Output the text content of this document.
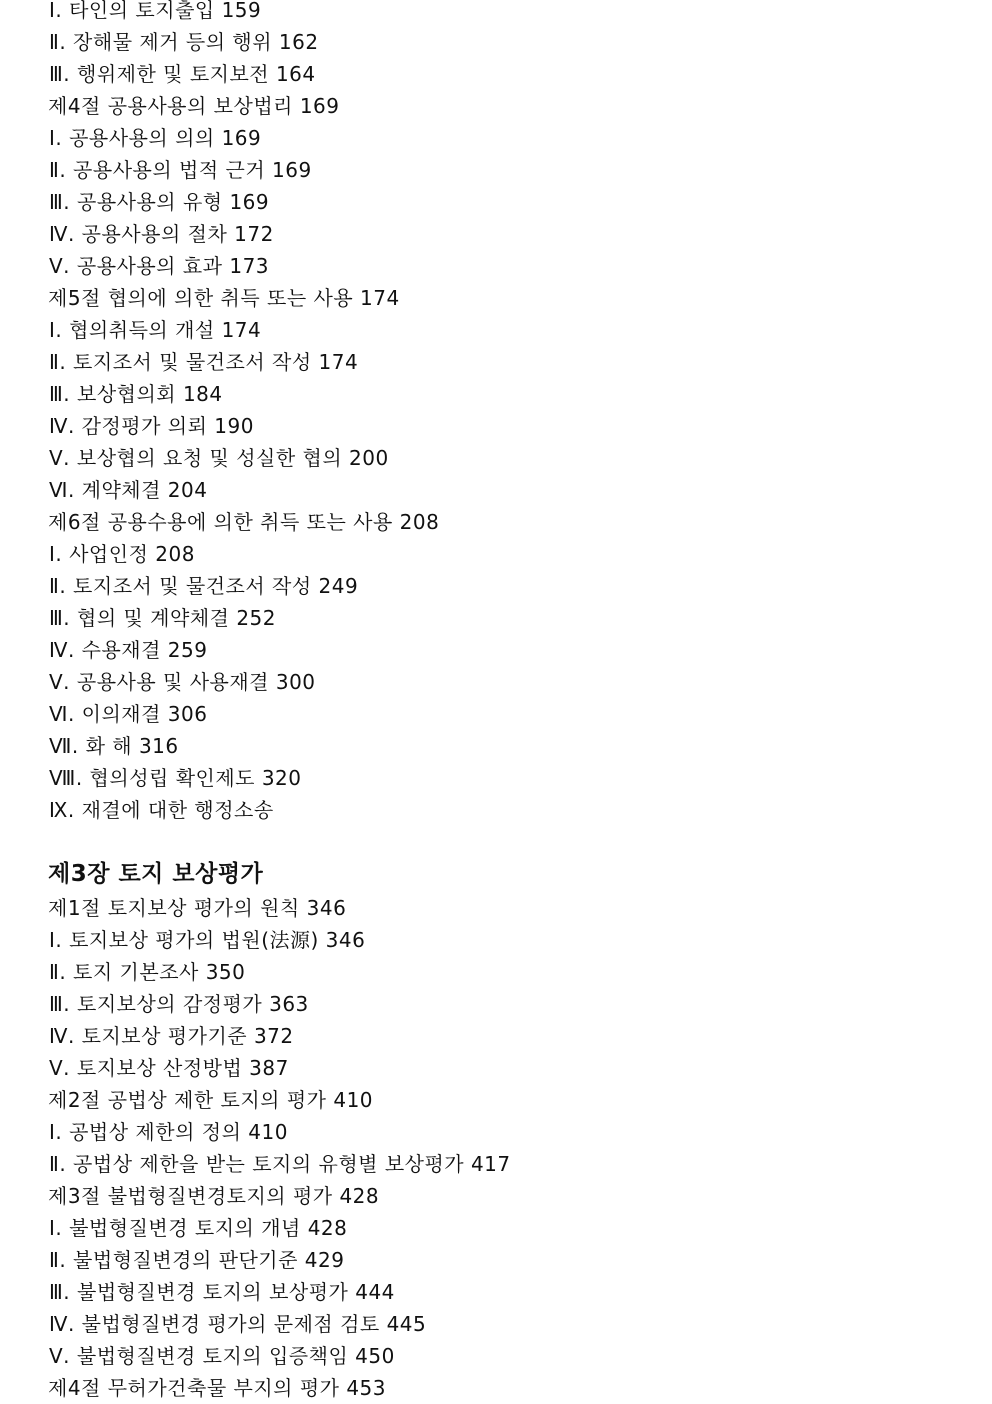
Ⅰ. 타인의 토지출입 159
Ⅱ. 장해물 제거 등의 행위 162
Ⅲ. 행위제한 및 토지보전 164
제4절 공용사용의 보상법리 169
Ⅰ. 공용사용의 의의 169
Ⅱ. 공용사용의 법적 근거 169
Ⅲ. 공용사용의 유형 169
Ⅳ. 공용사용의 절차 172
Ⅴ. 공용사용의 효과 173
제5절 협의에 의한 취득 또는 사용 174
Ⅰ. 협의취득의 개설 174
Ⅱ. 토지조서 및 물건조서 작성 174
Ⅲ. 보상협의회 184
Ⅳ. 감정평가 의뢰 190
Ⅴ. 보상협의 요청 및 성실한 협의 200
Ⅵ. 계약체결 204
제6절 공용수용에 의한 취득 또는 사용 208
Ⅰ. 사업인정 208
Ⅱ. 토지조서 및 물건조서 작성 249
Ⅲ. 협의 및 계약체결 252
Ⅳ. 수용재결 259
Ⅴ. 공용사용 및 사용재결 300
Ⅵ. 이의재결 306
Ⅶ. 화 해 316
Ⅷ. 협의성립 확인제도 320
Ⅸ. 재결에 대한 행정소송
제3장 토지 보상평가
제1절 토지보상 평가의 원칙 346
Ⅰ. 토지보상 평가의 법원(法源) 346
Ⅱ. 토지 기본조사 350
Ⅲ. 토지보상의 감정평가 363
Ⅳ. 토지보상 평가기준 372
Ⅴ. 토지보상 산정방법 387
제2절 공법상 제한 토지의 평가 410
Ⅰ. 공법상 제한의 정의 410
Ⅱ. 공법상 제한을 받는 토지의 유형별 보상평가 417
제3절 불법형질변경토지의 평가 428
Ⅰ. 불법형질변경 토지의 개념 428
Ⅱ. 불법형질변경의 판단기준 429
Ⅲ. 불법형질변경 토지의 보상평가 444
Ⅳ. 불법형질변경 평가의 문제점 검토 445
Ⅴ. 불법형질변경 토지의 입증책임 450
제4절 무허가건축물 부지의 평가 453
